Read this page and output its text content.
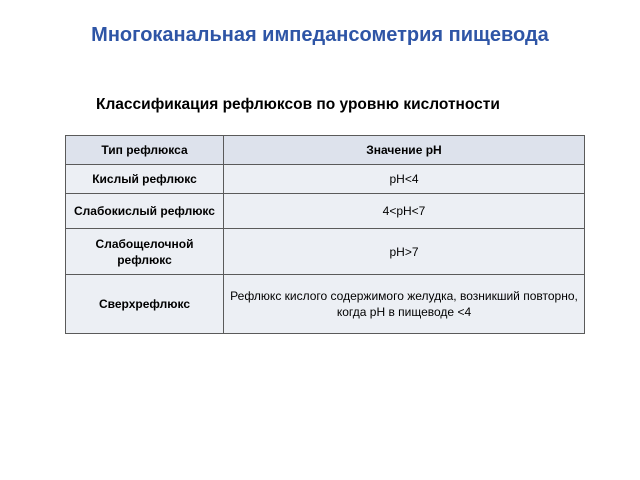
Многоканальная импедансометрия пищевода
Классификация рефлюксов по уровню кислотности
Тип рефлюкса	Значение pH
Кислый рефлюкс	pH<4
Слабокислый рефлюкс	4<pH<7
Слабощелочной рефлюкс	pH>7
Сверхрефлюкс	Рефлюкс кислого содержимого желудка, возникший повторно, когда pH в пищеводе <4
